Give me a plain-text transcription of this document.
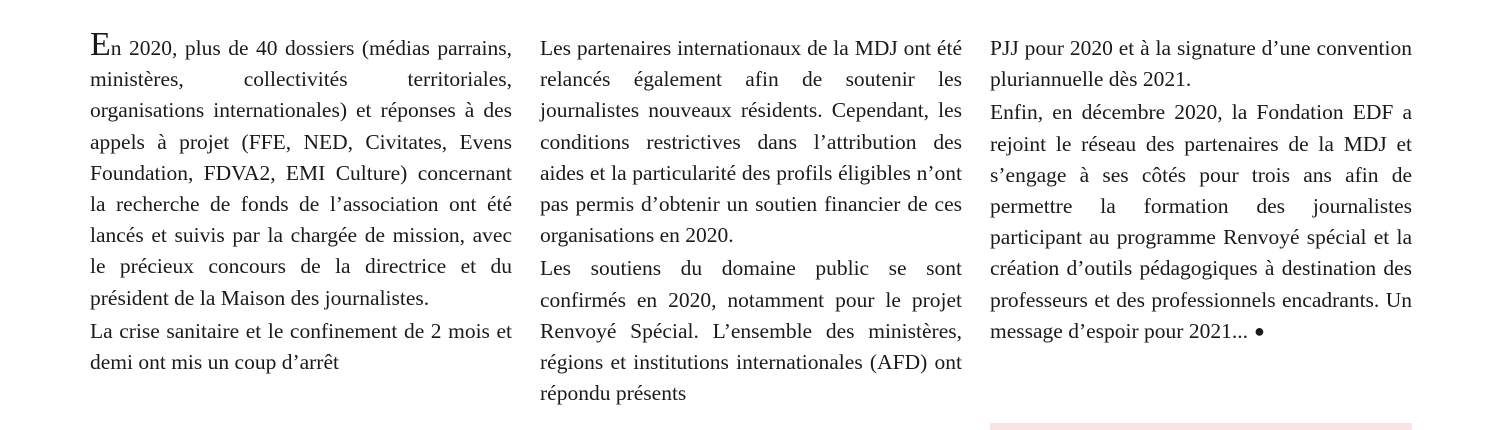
En 2020, plus de 40 dossiers (médias parrains, ministères, collectivités territoriales, organisations internationales) et réponses à des appels à projet (FFE, NED, Civitates, Evens Foundation, FDVA2, EMI Culture) concernant la recherche de fonds de l’association ont été lancés et suivis par la chargée de mission, avec le précieux concours de la directrice et du président de la Maison des journalistes.

La crise sanitaire et le confinement de 2 mois et demi ont mis un coup d’arrêt

Les partenaires internationaux de la MDJ ont été relancés également afin de soutenir les journalistes nouveaux résidents. Cependant, les conditions restrictives dans l’attribution des aides et la particularité des profils éligibles n’ont pas permis d’obtenir un soutien financier de ces organisations en 2020.

Les soutiens du domaine public se sont confirmés en 2020, notamment pour le projet Renvoyé Spécial. L’ensemble des ministères, régions et institutions internationales (AFD) ont répondu présents

PJJ pour 2020 et à la signature d’une convention pluriannuelle dès 2021.

Enfin, en décembre 2020, la Fondation EDF a rejoint le réseau des partenaires de la MDJ et s’engage à ses côtés pour trois ans afin de permettre la formation des journalistes participant au programme Renvoyé spécial et la création d’outils pédagogiques à destination des professeurs et des professionnels encadrants. Un message d’espoir pour 2021... ●
